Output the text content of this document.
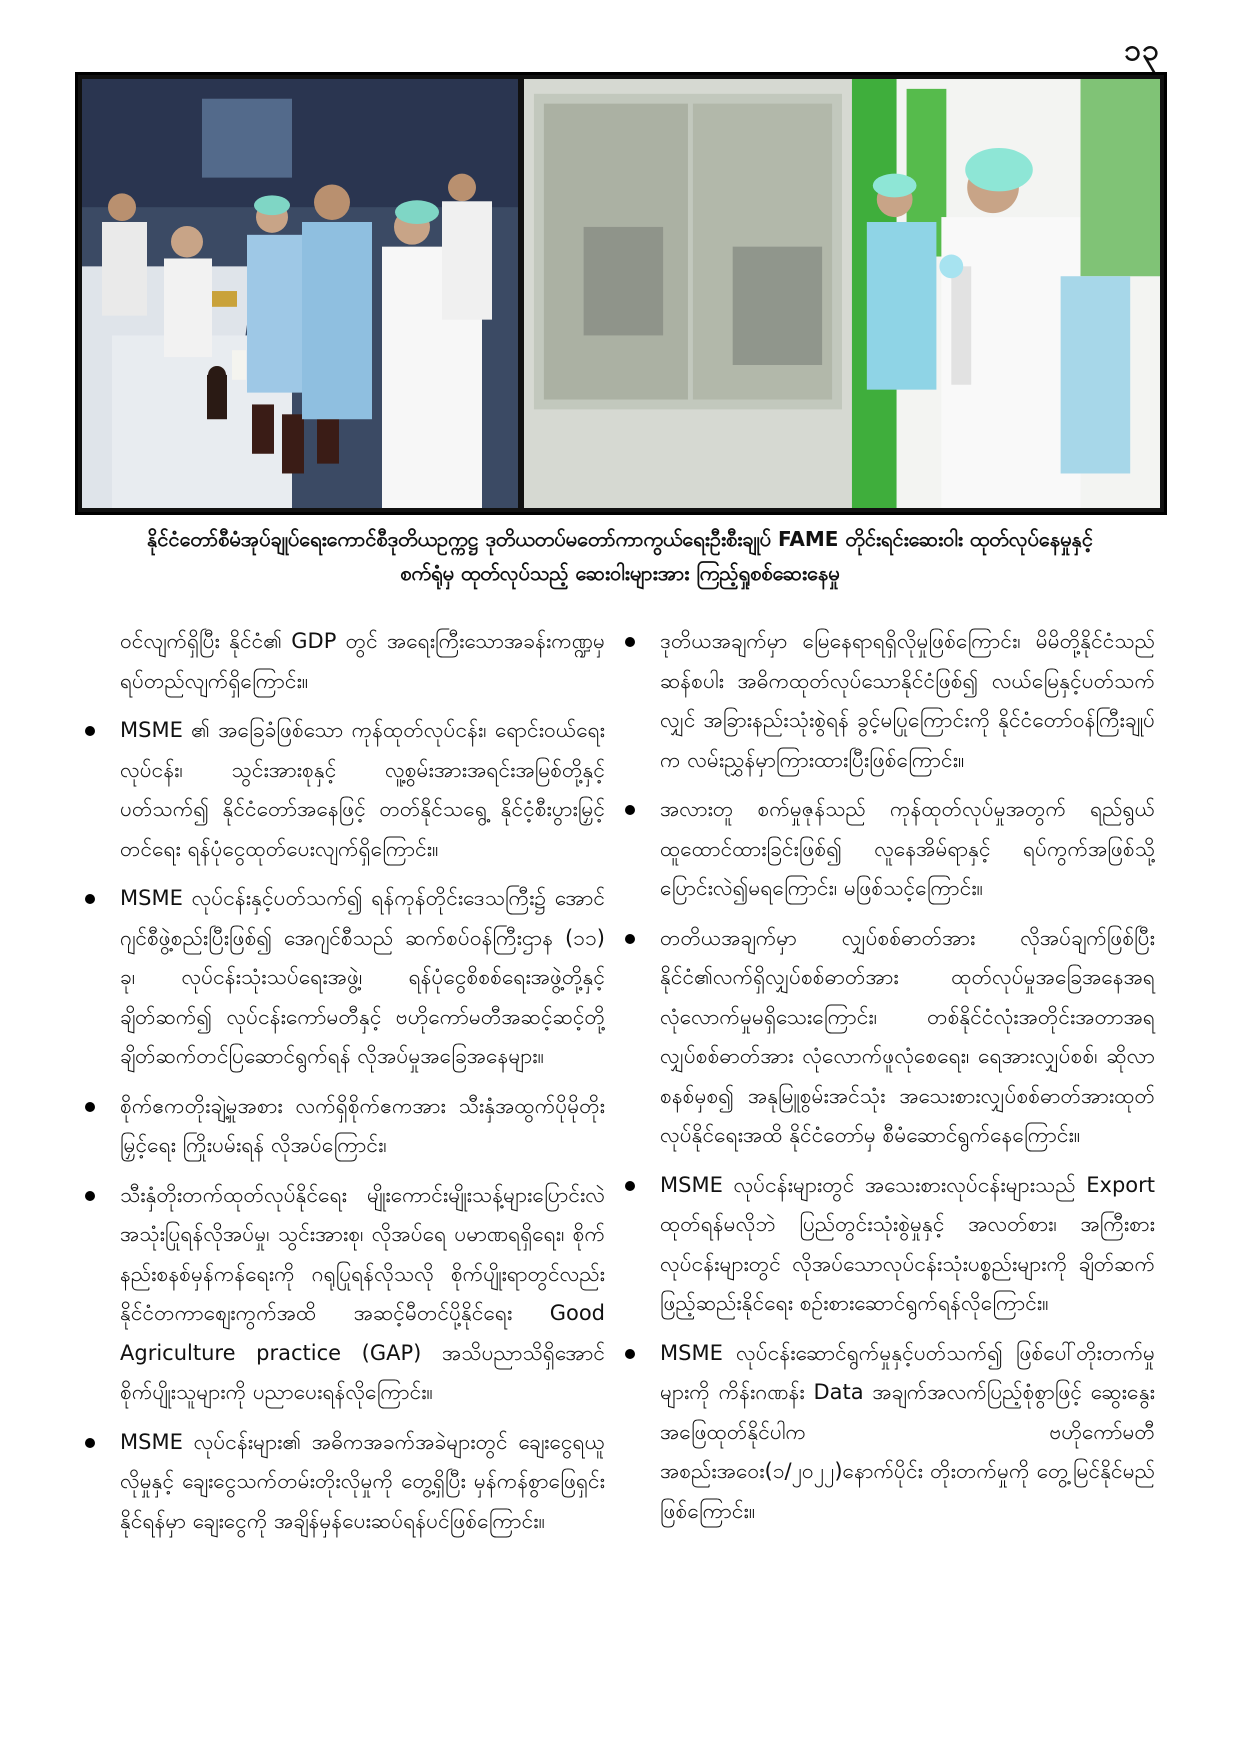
၁၃
နိုင်ငံတော်စီမံအုပ်ချုပ်ရေးကောင်စီဒုတိယဥက္ကဋ္ဌ ဒုတိယတပ်မတော်ကာကွယ်ရေးဦးစီးချုပ် FAME တိုင်းရင်းဆေးဝါး ထုတ်လုပ်နေမှုနှင့်
စက်ရုံမှ ထုတ်လုပ်သည့် ဆေးဝါးများအား ကြည့်ရှုစစ်ဆေးနေမှု

ဝင်လျက်ရှိပြီး နိုင်ငံ၏ GDP တွင် အရေးကြီးသောအခန်းကဏ္ဍမှ ရပ်တည်လျက်ရှိကြောင်း။

MSME ၏ အခြေခံဖြစ်သော ကုန်ထုတ်လုပ်ငန်း၊ ရောင်းဝယ်ရေးလုပ်ငန်း၊ သွင်းအားစုနှင့် လူ့စွမ်းအားအရင်းအမြစ်တို့နှင့်ပတ်သက်၍ နိုင်ငံတော်အနေဖြင့် တတ်နိုင်သရွေ့ နိုင်ငံ့စီးပွားမြှင့်တင်ရေး ရန်ပုံငွေထုတ်ပေးလျက်ရှိကြောင်း။
MSME လုပ်ငန်းနှင့်ပတ်သက်၍ ရန်ကုန်တိုင်းဒေသကြီး၌ အောင်ဂျင်စီဖွဲ့စည်းပြီးဖြစ်၍ အေဂျင်စီသည် ဆက်စပ်ဝန်ကြီးဌာန (၁၁) ခု၊ လုပ်ငန်းသုံးသပ်ရေးအဖွဲ့၊ ရန်ပုံငွေစိစစ်ရေးအဖွဲ့တို့နှင့်ချိတ်ဆက်၍ လုပ်ငန်းကော်မတီနှင့် ဗဟိုကော်မတီအဆင့်ဆင့်တို့ ချိတ်ဆက်တင်ပြဆောင်ရွက်ရန် လိုအပ်မှုအခြေအနေများ။
စိုက်ဧကတိုးချဲ့မှုအစား လက်ရှိစိုက်ဧကအား သီးနှံအထွက်ပိုမိုတိုးမြှင့်ရေး ကြိုးပမ်းရန် လိုအပ်ကြောင်း၊
သီးနှံတိုးတက်ထုတ်လုပ်နိုင်ရေး မျိုးကောင်းမျိုးသန့်များပြောင်းလဲအသုံးပြုရန်လိုအပ်မှု၊ သွင်းအားစု၊ လိုအပ်ရေ ပမာဏရရှိရေး၊ စိုက်နည်းစနစ်မှန်ကန်ရေးကို ဂရုပြုရန်လိုသလို စိုက်ပျိုးရာတွင်လည်း နိုင်ငံတကာစျေးကွက်အထိ အဆင့်မီတင်ပို့နိုင်ရေး Good Agriculture practice (GAP) အသိပညာသိရှိအောင် စိုက်ပျိုးသူများကို ပညာပေးရန်လိုကြောင်း။
MSME လုပ်ငန်းများ၏ အဓိကအခက်အခဲများတွင် ချေးငွေရယူလိုမှုနှင့် ချေးငွေသက်တမ်းတိုးလိုမှုကို တွေ့ရှိပြီး မှန်ကန်စွာဖြေရှင်းနိုင်ရန်မှာ ချေးငွေကို အချိန်မှန်ပေးဆပ်ရန်ပင်ဖြစ်ကြောင်း။
ဒုတိယအချက်မှာ မြေနေရာရရှိလိုမှုဖြစ်ကြောင်း၊ မိမိတို့နိုင်ငံသည် ဆန်စပါး အဓိကထုတ်လုပ်သောနိုင်ငံဖြစ်၍ လယ်မြေနှင့်ပတ်သက်လျှင် အခြားနည်းသုံးစွဲရန် ခွင့်မပြုကြောင်းကို နိုင်ငံတော်ဝန်ကြီးချုပ်က လမ်းညွှန်မှာကြားထားပြီးဖြစ်ကြောင်း။
အလားတူ စက်မှုဇုန်သည် ကုန်ထုတ်လုပ်မှုအတွက် ရည်ရွယ်ထူထောင်ထားခြင်းဖြစ်၍ လူနေအိမ်ရာနှင့် ရပ်ကွက်အဖြစ်သို့ ပြောင်းလဲ၍မရကြောင်း၊ မဖြစ်သင့်ကြောင်း။
တတိယအချက်မှာ လျှပ်စစ်ဓာတ်အား လိုအပ်ချက်ဖြစ်ပြီး နိုင်ငံ၏လက်ရှိလျှပ်စစ်ဓာတ်အား ထုတ်လုပ်မှုအခြေအနေအရ လုံလောက်မှုမရှိသေးကြောင်း၊ တစ်နိုင်ငံလုံးအတိုင်းအတာအရ လျှပ်စစ်ဓာတ်အား လုံလောက်ဖူလုံစေရေး၊ ရေအားလျှပ်စစ်၊ ဆိုလာစနစ်မှစ၍ အနုမြူစွမ်းအင်သုံး အသေးစားလျှပ်စစ်ဓာတ်အားထုတ်လုပ်နိုင်ရေးအထိ နိုင်ငံတော်မှ စီမံဆောင်ရွက်နေကြောင်း။
MSME လုပ်ငန်းများတွင် အသေးစားလုပ်ငန်းများသည် Export ထုတ်ရန်မလိုဘဲ ပြည်တွင်းသုံးစွဲမှုနှင့် အလတ်စား၊ အကြီးစားလုပ်ငန်းများတွင် လိုအပ်သောလုပ်ငန်းသုံးပစ္စည်းများကို ချိတ်ဆက်ဖြည့်ဆည်းနိုင်ရေး စဉ်းစားဆောင်ရွက်ရန်လိုကြောင်း။
MSME လုပ်ငန်းဆောင်ရွက်မှုနှင့်ပတ်သက်၍ ဖြစ်ပေါ်တိုးတက်မှုများကို ကိန်းဂဏန်း Data အချက်အလက်ပြည့်စုံစွာဖြင့် ဆွေးနွေးအဖြေထုတ်နိုင်ပါက ဗဟိုကော်မတီအစည်းအဝေး(၁/၂၀၂၂)နောက်ပိုင်း တိုးတက်မှုကို တွေ့မြင်နိုင်မည်ဖြစ်ကြောင်း။
